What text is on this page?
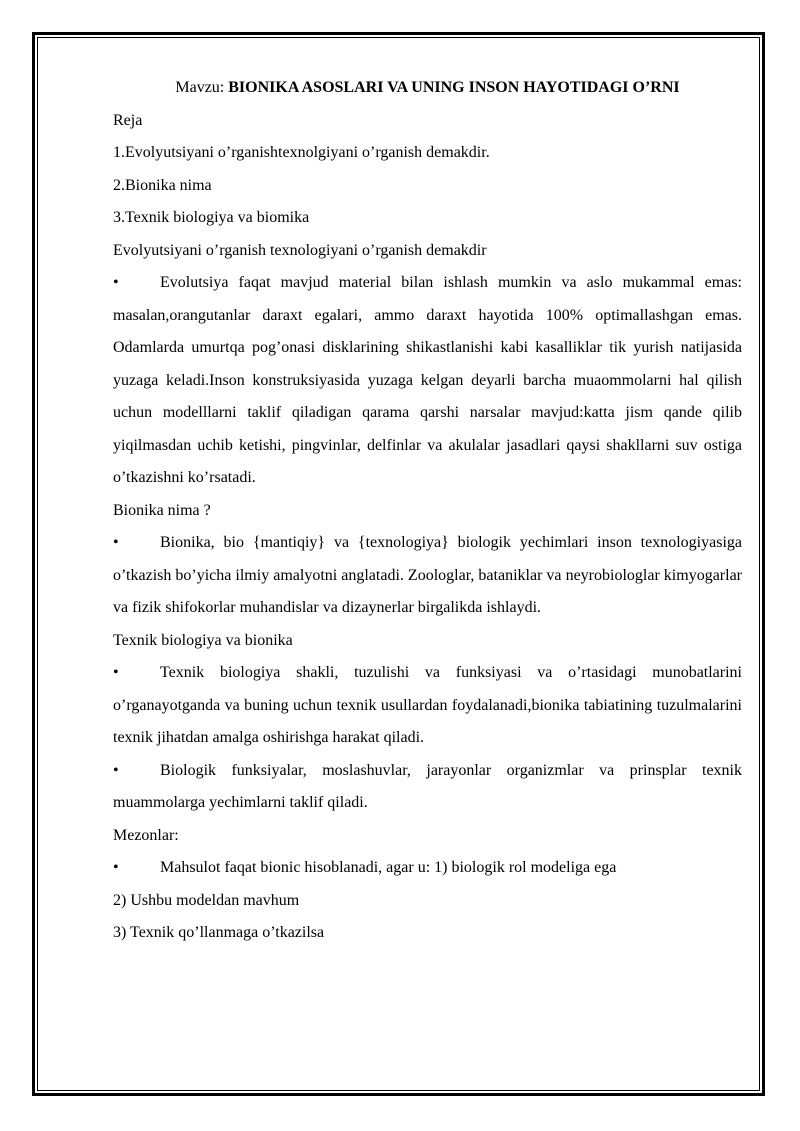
Mavzu: BIONIKA ASOSLARI VA UNING INSON HAYOTIDAGI O’RNI

Reja

1.Evolyutsiyani o’rganishtexnolgiyani o’rganish demakdir.

2.Bionika nima

3.Texnik biologiya va biomika

Evolyutsiyani o’rganish texnologiyani o’rganish demakdir

•	Evolutsiya faqat mavjud material bilan ishlash mumkin va aslo mukammal emas: masalan,orangutanlar daraxt egalari, ammo daraxt hayotida 100% optimallashgan emas. Odamlarda umurtqa pog’onasi disklarining shikastlanishi kabi kasalliklar tik yurish natijasida yuzaga keladi.Inson konstruksiyasida yuzaga kelgan deyarli barcha muaommolarni hal qilish uchun modelllarni taklif qiladigan qarama qarshi narsalar mavjud:katta jism qande qilib yiqilmasdan uchib ketishi, pingvinlar, delfinlar va akulalar jasadlari qaysi shakllarni suv ostiga o’tkazishni ko’rsatadi.

Bionika nima ?

•	Bionika, bio {mantiqiy} va {texnologiya} biologik yechimlari inson texnologiyasiga o’tkazish bo’yicha ilmiy amalyotni anglatadi. Zoologlar, bataniklar va neyrobiologlar kimyogarlar va fizik shifokorlar muhandislar va dizaynerlar birgalikda ishlaydi.

Texnik biologiya va bionika

•	Texnik biologiya shakli, tuzulishi va funksiyasi va o’rtasidagi munobatlarini o’rganayotganda va buning uchun texnik usullardan foydalanadi,bionika tabiatining tuzulmalarini texnik jihatdan amalga oshirishga harakat qiladi.

•	Biologik funksiyalar, moslashuvlar, jarayonlar organizmlar va prinsplar texnik muammolarga yechimlarni taklif qiladi.

Mezonlar:

•	Mahsulot faqat bionic hisoblanadi, agar u: 1) biologik rol modeliga ega

2) Ushbu modeldan mavhum

3) Texnik qo’llanmaga o’tkazilsa
